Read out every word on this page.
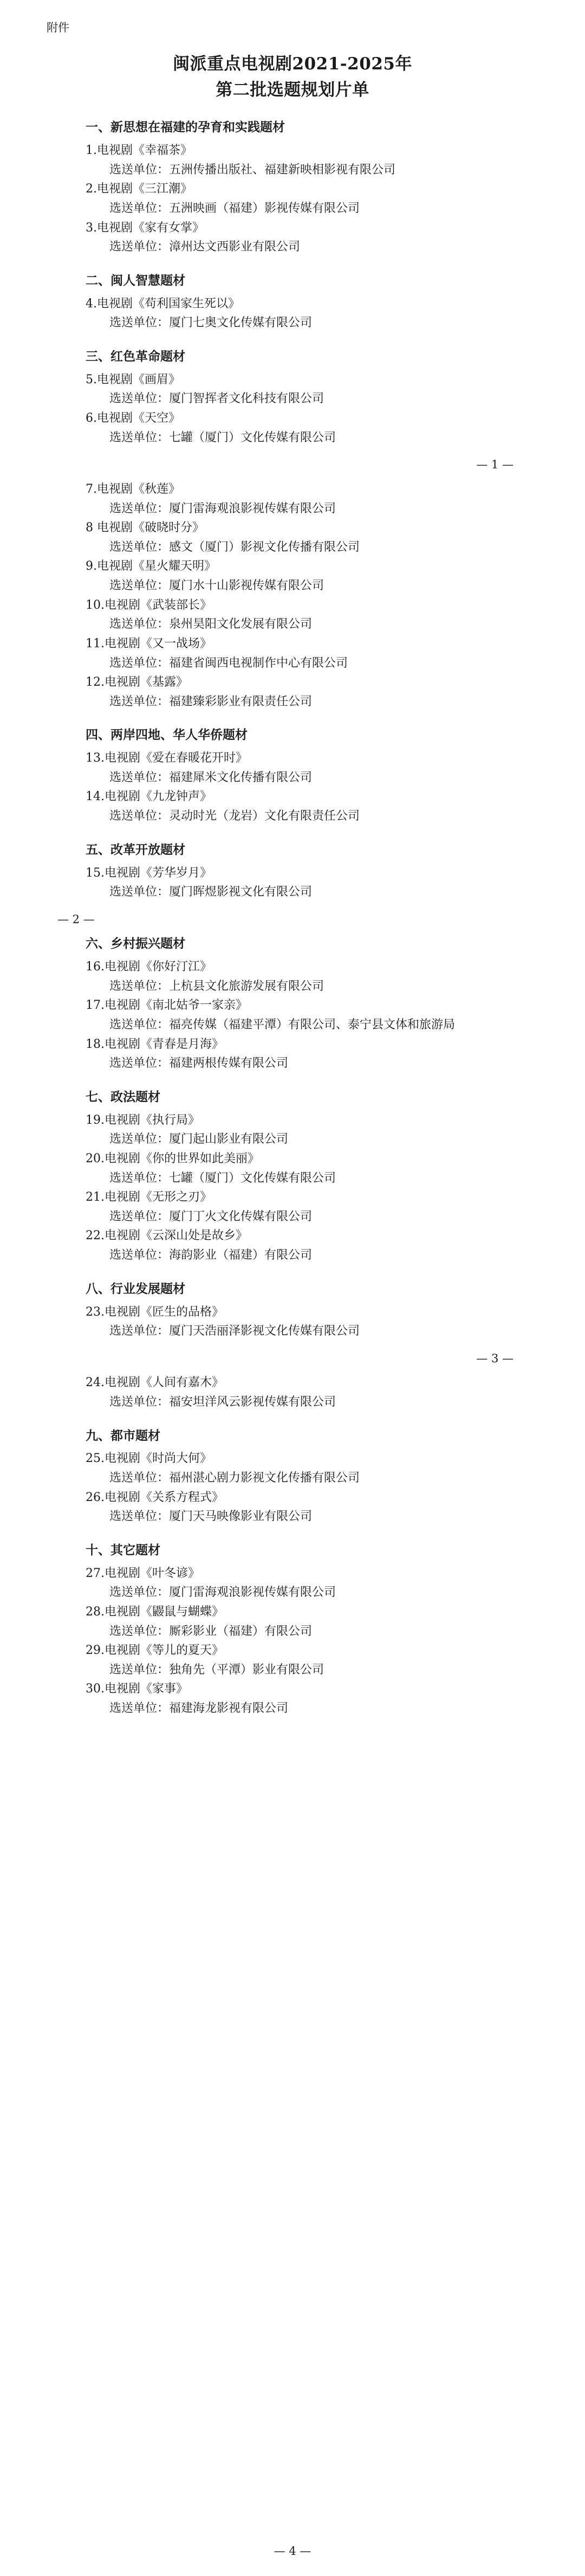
附件
闽派重点电视剧2021-2025年
第二批选题规划片单
一、新思想在福建的孕育和实践题材
1.电视剧《幸福茶》
选送单位：五洲传播出版社、福建新映相影视有限公司
2.电视剧《三江潮》
选送单位：五洲映画（福建）影视传媒有限公司
3.电视剧《家有女掌》
选送单位：漳州达文西影业有限公司
二、闽人智慧题材
4.电视剧《苟利国家生死以》
选送单位：厦门七奥文化传媒有限公司
三、红色革命题材
5.电视剧《画眉》
选送单位：厦门智挥者文化科技有限公司
6.电视剧《天空》
选送单位：七罐（厦门）文化传媒有限公司
— 1 —
7.电视剧《秋莲》
选送单位：厦门雷海观浪影视传媒有限公司
8 电视剧《破晓时分》
选送单位：感文（厦门）影视文化传播有限公司
9.电视剧《星火耀天明》
选送单位：厦门水十山影视传媒有限公司
10.电视剧《武装部长》
选送单位：泉州昊阳文化发展有限公司
11.电视剧《又一战场》
选送单位：福建省闽西电视制作中心有限公司
12.电视剧《基露》
选送单位：福建臻彩影业有限责任公司
四、两岸四地、华人华侨题材
13.电视剧《爱在春暖花开时》
选送单位：福建犀米文化传播有限公司
14.电视剧《九龙钟声》
选送单位：灵动时光（龙岩）文化有限责任公司
五、改革开放题材
15.电视剧《芳华岁月》
选送单位：厦门晖煜影视文化有限公司
— 2 —
六、乡村振兴题材
16.电视剧《你好汀江》
选送单位：上杭县文化旅游发展有限公司
17.电视剧《南北姑爷一家亲》
选送单位：福亮传媒（福建平潭）有限公司、泰宁县文体和旅游局
18.电视剧《青春是月海》
选送单位：福建两根传媒有限公司
七、政法题材
19.电视剧《执行局》
选送单位：厦门起山影业有限公司
20.电视剧《你的世界如此美丽》
选送单位：七罐（厦门）文化传媒有限公司
21.电视剧《无形之刃》
选送单位：厦门丁火文化传媒有限公司
22.电视剧《云深山处是故乡》
选送单位：海韵影业（福建）有限公司
八、行业发展题材
23.电视剧《匠生的品格》
选送单位：厦门天浩丽泽影视文化传媒有限公司
— 3 —
24.电视剧《人间有嘉木》
选送单位：福安坦洋风云影视传媒有限公司
九、都市题材
25.电视剧《时尚大何》
选送单位：福州湛心剧力影视文化传播有限公司
26.电视剧《关系方程式》
选送单位：厦门天马映像影业有限公司
十、其它题材
27.电视剧《叶冬谚》
选送单位：厦门雷海观浪影视传媒有限公司
28.电视剧《鼹鼠与蝴蝶》
选送单位：厮彩影业（福建）有限公司
29.电视剧《等儿的夏天》
选送单位：独角先（平潭）影业有限公司
30.电视剧《家事》
选送单位：福建海龙影视有限公司
— 4 —
